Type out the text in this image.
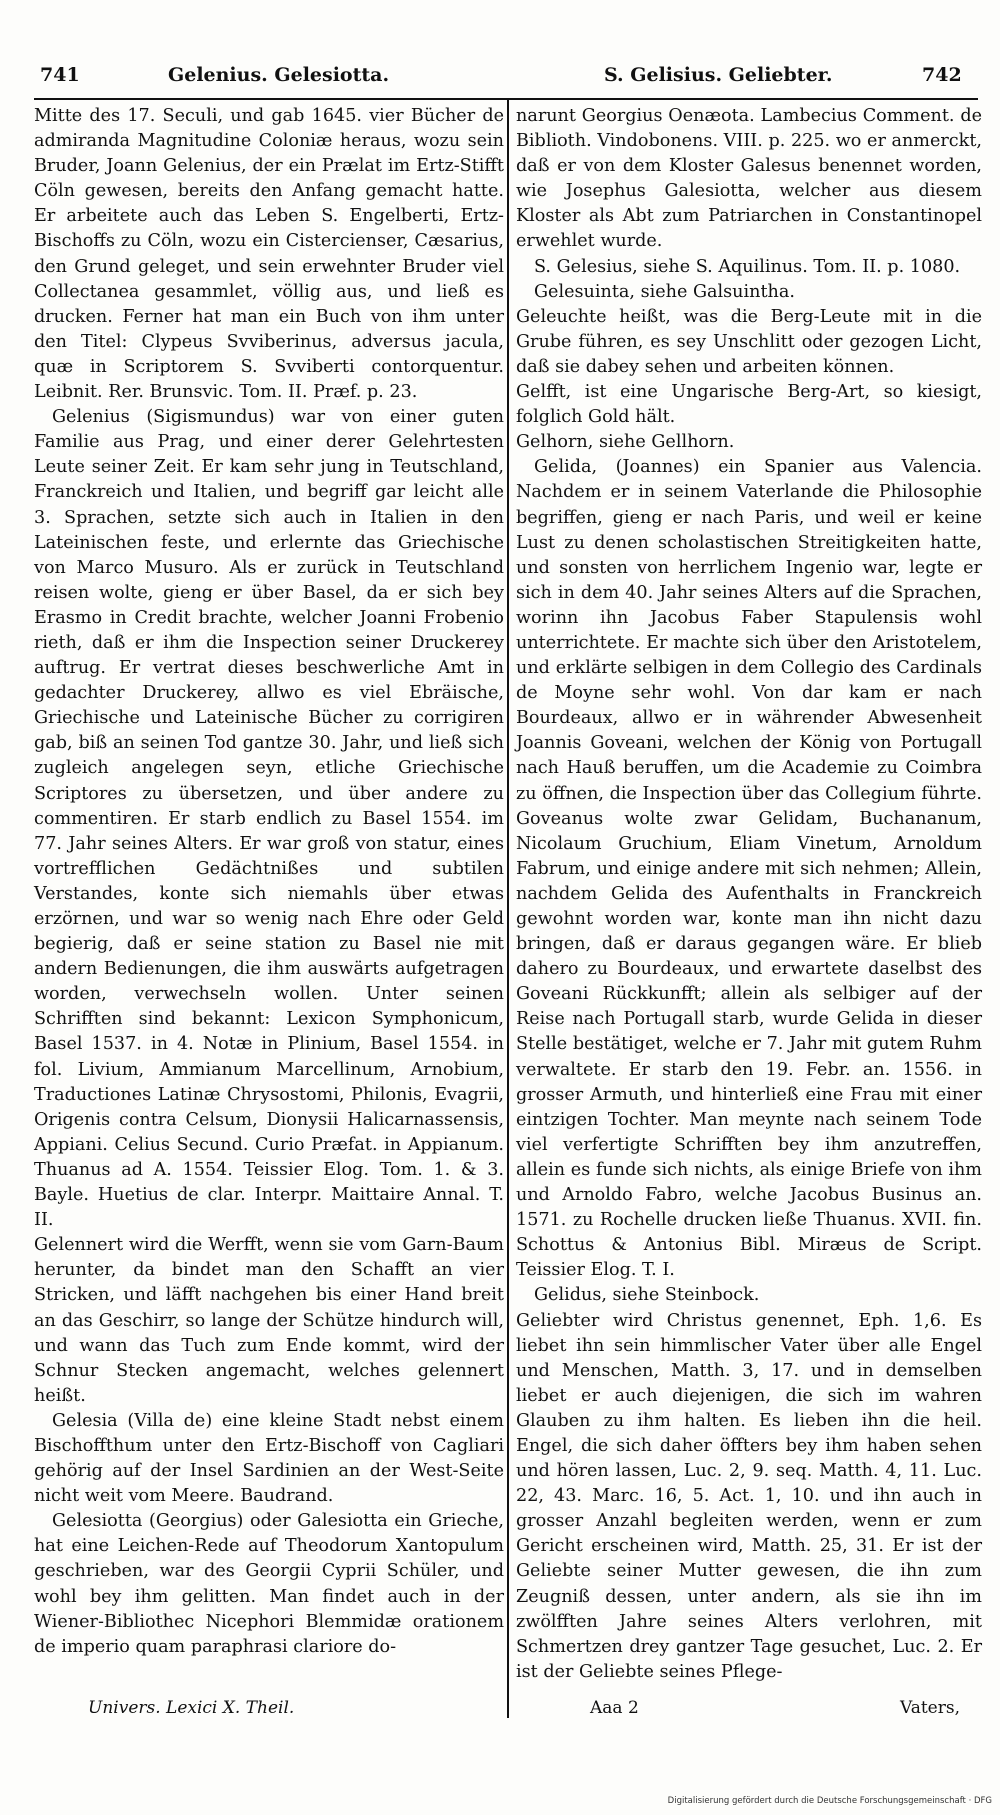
741	Gelenius. Gelesiotta.	S. Gelisius. Geliebter.	742

Mitte des 17. Seculi, und gab 1645. vier Bücher de admiranda Magnitudine Coloniæ heraus, wozu sein Bruder, Joann Gelenius, der ein Prælat im Ertz-Stifft Cöln gewesen, bereits den Anfang gemacht hatte. Er arbeitete auch das Leben S. Engelberti, Ertz-Bischoffs zu Cöln, wozu ein Cistercienser, Cæsarius, den Grund geleget, und sein erwehnter Bruder viel Collectanea gesammlet, völlig aus, und ließ es drucken. Ferner hat man ein Buch von ihm unter den Titel: Clypeus Svviberinus, adversus jacula, quæ in Scriptorem S. Svviberti contorquentur. Leibnit. Rer. Brunsvic. Tom. II. Præf. p. 23.

Gelenius (Sigismundus) war von einer guten Familie aus Prag, und einer derer Gelehrtesten Leute seiner Zeit. Er kam sehr jung in Teutschland, Franckreich und Italien, und begriff gar leicht alle 3. Sprachen, setzte sich auch in Italien in den Lateinischen feste, und erlernte das Griechische von Marco Musuro. Als er zurück in Teutschland reisen wolte, gieng er über Basel, da er sich bey Erasmo in Credit brachte, welcher Joanni Frobenio rieth, daß er ihm die Inspection seiner Druckerey auftrug. Er vertrat dieses beschwerliche Amt in gedachter Druckerey, allwo es viel Ebräische, Griechische und Lateinische Bücher zu corrigiren gab, biß an seinen Tod gantze 30. Jahr, und ließ sich zugleich angelegen seyn, etliche Griechische Scriptores zu übersetzen, und über andere zu commentiren. Er starb endlich zu Basel 1554. im 77. Jahr seines Alters. Er war groß von statur, eines vortrefflichen Gedächtnißes und subtilen Verstandes, konte sich niemahls über etwas erzörnen, und war so wenig nach Ehre oder Geld begierig, daß er seine station zu Basel nie mit andern Bedienungen, die ihm auswärts aufgetragen worden, verwechseln wollen. Unter seinen Schrifften sind bekannt: Lexicon Symphonicum, Basel 1537. in 4. Notæ in Plinium, Basel 1554. in fol. Livium, Ammianum Marcellinum, Arnobium, Traductiones Latinæ Chrysostomi, Philonis, Evagrii, Origenis contra Celsum, Dionysii Halicarnassensis, Appiani. Celius Secund. Curio Præfat. in Appianum. Thuanus ad A. 1554. Teissier Elog. Tom. 1. & 3. Bayle. Huetius de clar. Interpr. Maittaire Annal. T. II.

Gelennert wird die Werfft, wenn sie vom Garn-Baum herunter, da bindet man den Schafft an vier Stricken, und läfft nachgehen bis einer Hand breit an das Geschirr, so lange der Schütze hindurch will, und wann das Tuch zum Ende kommt, wird der Schnur Stecken angemacht, welches gelennert heißt.

Gelesia (Villa de) eine kleine Stadt nebst einem Bischoffthum unter den Ertz-Bischoff von Cagliari gehörig auf der Insel Sardinien an der West-Seite nicht weit vom Meere. Baudrand.

Gelesiotta (Georgius) oder Galesiotta ein Grieche, hat eine Leichen-Rede auf Theodorum Xantopulum geschrieben, war des Georgii Cyprii Schüler, und wohl bey ihm gelitten. Man findet auch in der Wiener-Bibliothec Nicephori Blemmidæ orationem de imperio quam paraphrasi clariore do-

narunt Georgius Oenæota. Lambecius Comment. de Biblioth. Vindobonens. VIII. p. 225. wo er anmerckt, daß er von dem Kloster Galesus benennet worden, wie Josephus Galesiotta, welcher aus diesem Kloster als Abt zum Patriarchen in Constantinopel erwehlet wurde.

S. Gelesius, siehe S. Aquilinus. Tom. II. p. 1080.

Gelesuinta, siehe Galsuintha.

Geleuchte heißt, was die Berg-Leute mit in die Grube führen, es sey Unschlitt oder gezogen Licht, daß sie dabey sehen und arbeiten können.

Gelfft, ist eine Ungarische Berg-Art, so kiesigt, folglich Gold hält.

Gelhorn, siehe Gellhorn.

Gelida, (Joannes) ein Spanier aus Valencia. Nachdem er in seinem Vaterlande die Philosophie begriffen, gieng er nach Paris, und weil er keine Lust zu denen scholastischen Streitigkeiten hatte, und sonsten von herrlichem Ingenio war, legte er sich in dem 40. Jahr seines Alters auf die Sprachen, worinn ihn Jacobus Faber Stapulensis wohl unterrichtete. Er machte sich über den Aristotelem, und erklärte selbigen in dem Collegio des Cardinals de Moyne sehr wohl. Von dar kam er nach Bourdeaux, allwo er in währender Abwesenheit Joannis Goveani, welchen der König von Portugall nach Hauß beruffen, um die Academie zu Coimbra zu öffnen, die Inspection über das Collegium führte. Goveanus wolte zwar Gelidam, Buchananum, Nicolaum Gruchium, Eliam Vinetum, Arnoldum Fabrum, und einige andere mit sich nehmen; Allein, nachdem Gelida des Aufenthalts in Franckreich gewohnt worden war, konte man ihn nicht dazu bringen, daß er daraus gegangen wäre. Er blieb dahero zu Bourdeaux, und erwartete daselbst des Goveani Rückkunfft; allein als selbiger auf der Reise nach Portugall starb, wurde Gelida in dieser Stelle bestätiget, welche er 7. Jahr mit gutem Ruhm verwaltete. Er starb den 19. Febr. an. 1556. in grosser Armuth, und hinterließ eine Frau mit einer eintzigen Tochter. Man meynte nach seinem Tode viel verfertigte Schrifften bey ihm anzutreffen, allein es funde sich nichts, als einige Briefe von ihm und Arnoldo Fabro, welche Jacobus Businus an. 1571. zu Rochelle drucken ließe Thuanus. XVII. fin. Schottus & Antonius Bibl. Miræus de Script. Teissier Elog. T. I.

Gelidus, siehe Steinbock.

Geliebter wird Christus genennet, Eph. 1,6. Es liebet ihn sein himmlischer Vater über alle Engel und Menschen, Matth. 3, 17. und in demselben liebet er auch diejenigen, die sich im wahren Glauben zu ihm halten. Es lieben ihn die heil. Engel, die sich daher öffters bey ihm haben sehen und hören lassen, Luc. 2, 9. seq. Matth. 4, 11. Luc. 22, 43. Marc. 16, 5. Act. 1, 10. und ihn auch in grosser Anzahl begleiten werden, wenn er zum Gericht erscheinen wird, Matth. 25, 31. Er ist der Geliebte seiner Mutter gewesen, die ihn zum Zeugniß dessen, unter andern, als sie ihn im zwölfften Jahre seines Alters verlohren, mit Schmertzen drey gantzer Tage gesuchet, Luc. 2. Er ist der Geliebte seines Pflege-

Univers. Lexici X. Theil.	Aaa 2	Vaters,
Digitalisierung gefördert durch die Deutsche Forschungsgemeinschaft · DFG
